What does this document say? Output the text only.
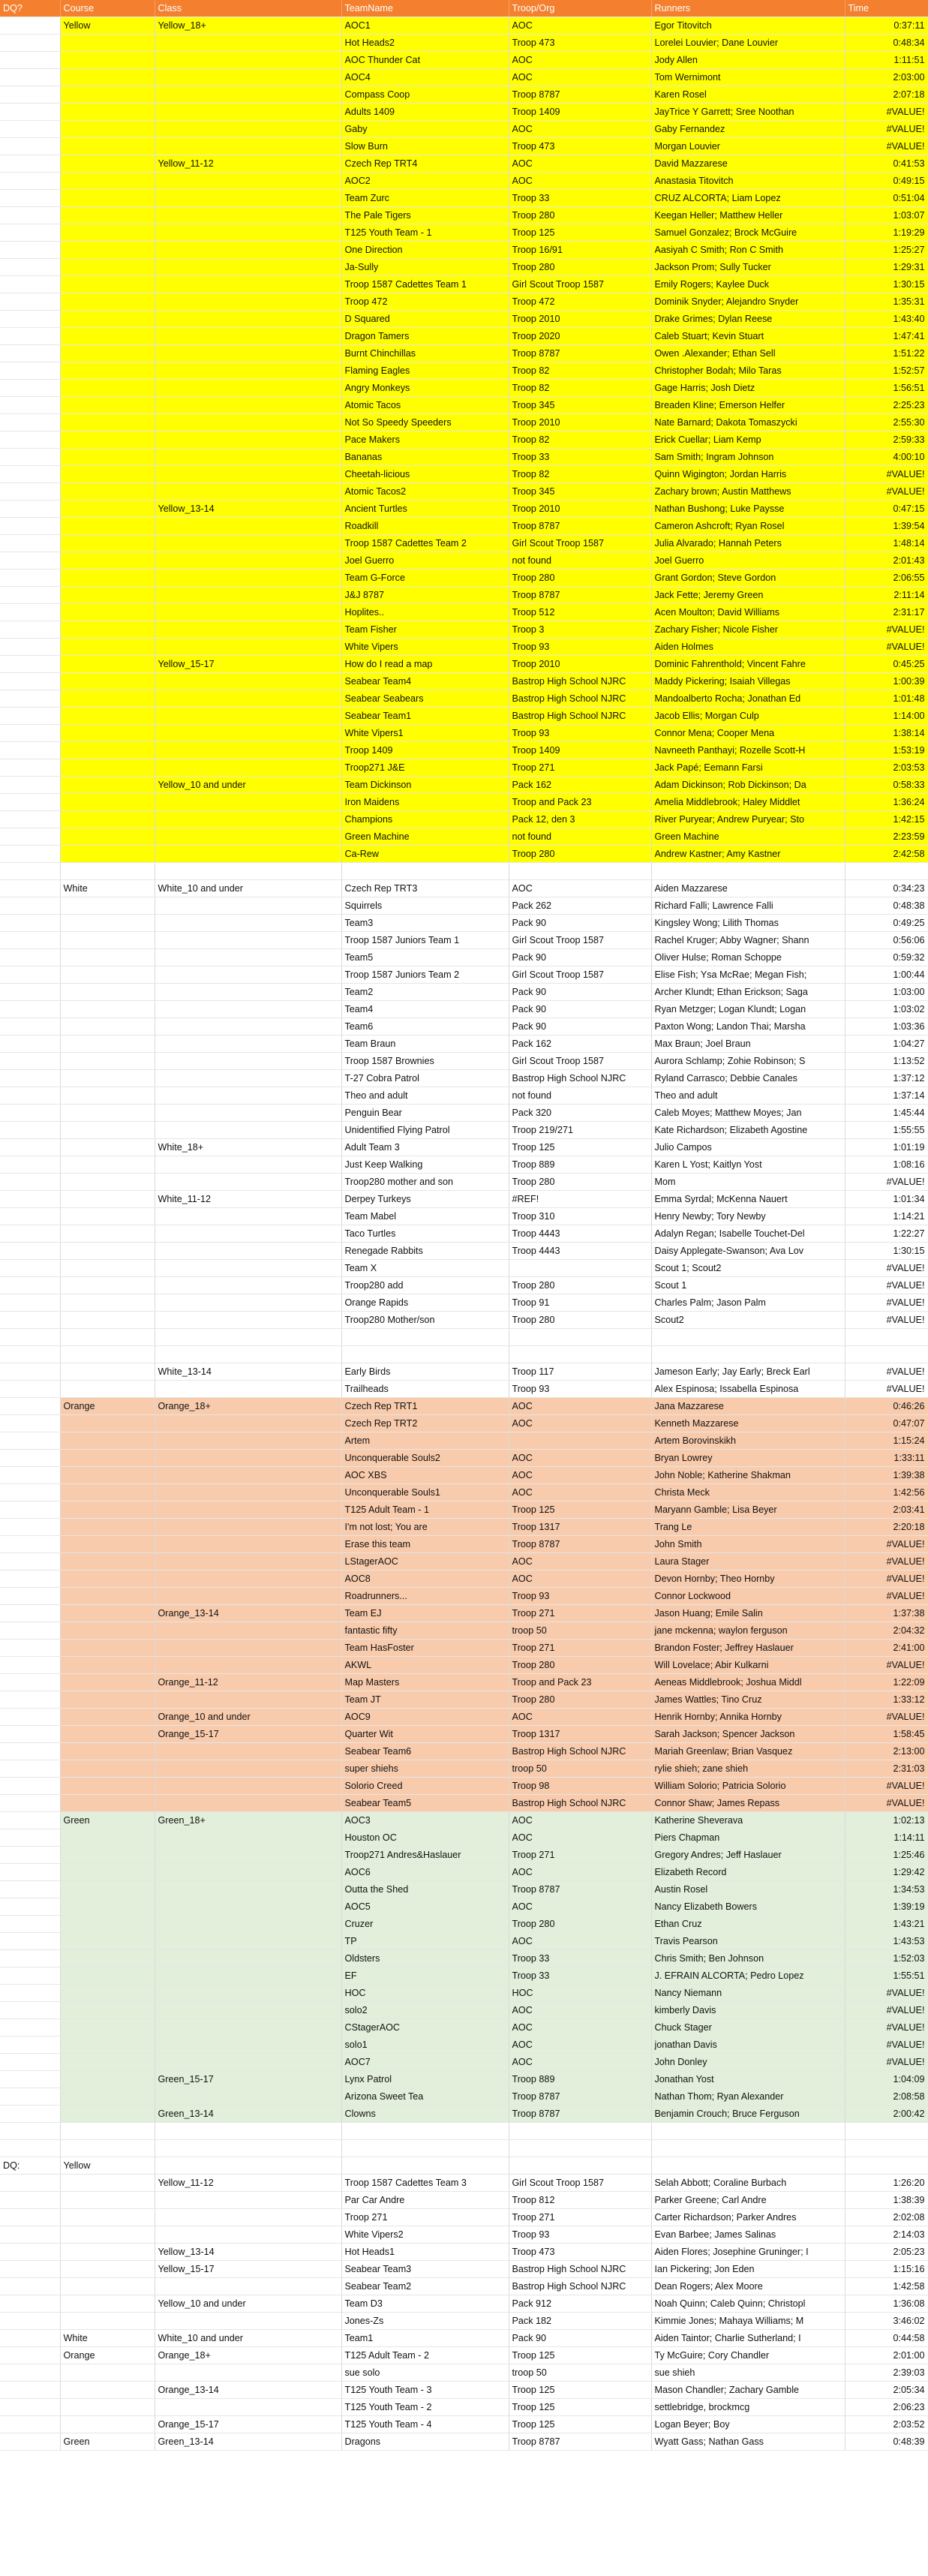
DQ?	Course	Class	TeamName	Troop/Org	Runners	Time
	Yellow	Yellow_18+	AOC1	AOC	Egor Titovitch	0:37:11
			Hot Heads2	Troop 473	Lorelei Louvier; Dane Louvier	0:48:34
			AOC Thunder Cat	AOC	Jody Allen	1:11:51
			AOC4	AOC	Tom Wernimont	2:03:00
			Compass Coop	Troop 8787	Karen Rosel	2:07:18
			Adults 1409	Troop 1409	JayTrice Y Garrett; Sree Noothan	#VALUE!
			Gaby	AOC	Gaby Fernandez	#VALUE!
			Slow Burn	Troop 473	Morgan Louvier	#VALUE!
		Yellow_11-12	Czech Rep TRT4	AOC	David Mazzarese	0:41:53
			AOC2	AOC	Anastasia Titovitch	0:49:15
			Team Zurc	Troop 33	CRUZ ALCORTA; Liam Lopez	0:51:04
			The Pale Tigers	Troop 280	Keegan Heller; Matthew Heller	1:03:07
			T125 Youth Team - 1	Troop 125	Samuel Gonzalez; Brock McGuire	1:19:29
			One Direction	Troop 16/91	Aasiyah C Smith; Ron C Smith	1:25:27
			Ja-Sully	Troop 280	Jackson Prom; Sully Tucker	1:29:31
			Troop 1587 Cadettes Team 1	Girl Scout Troop 1587	Emily Rogers; Kaylee Duck	1:30:15
			Troop 472	Troop 472	Dominik Snyder; Alejandro Snyder	1:35:31
			D Squared	Troop 2010	Drake Grimes; Dylan Reese	1:43:40
			Dragon Tamers	Troop 2020	Caleb Stuart; Kevin Stuart	1:47:41
			Burnt Chinchillas	Troop 8787	Owen .Alexander; Ethan Sell	1:51:22
			Flaming Eagles	Troop 82	Christopher Bodah; Milo Taras	1:52:57
			Angry Monkeys	Troop 82	Gage Harris; Josh Dietz	1:56:51
			Atomic Tacos	Troop 345	Breaden Kline; Emerson Helfer	2:25:23
			Not So Speedy Speeders	Troop 2010	Nate Barnard; Dakota Tomaszycki	2:55:30
			Pace Makers	Troop 82	Erick Cuellar; Liam Kemp	2:59:33
			Bananas	Troop 33	Sam Smith; Ingram Johnson	4:00:10
			Cheetah-licious	Troop 82	Quinn Wigington; Jordan Harris	#VALUE!
			Atomic Tacos2	Troop 345	Zachary brown; Austin Matthews	#VALUE!
		Yellow_13-14	Ancient Turtles	Troop 2010	Nathan Bushong; Luke Paysse	0:47:15
			Roadkill	Troop 8787	Cameron Ashcroft; Ryan Rosel	1:39:54
			Troop 1587 Cadettes Team 2	Girl Scout Troop 1587	Julia Alvarado; Hannah Peters	1:48:14
			Joel Guerro	not found	Joel Guerro	2:01:43
			Team G-Force	Troop 280	Grant Gordon; Steve Gordon	2:06:55
			J&J 8787	Troop 8787	Jack Fette; Jeremy Green	2:11:14
			Hoplites..	Troop 512	Acen Moulton; David Williams	2:31:17
			Team Fisher	Troop 3	Zachary Fisher; Nicole Fisher	#VALUE!
			White Vipers	Troop 93	Aiden Holmes	#VALUE!
		Yellow_15-17	How do I read a map	Troop 2010	Dominic Fahrenthold; Vincent Fahre	0:45:25
			Seabear Team4	Bastrop High School NJRC	Maddy Pickering; Isaiah Villegas	1:00:39
			Seabear Seabears	Bastrop High School NJRC	Mandoalberto Rocha; Jonathan Ed	1:01:48
			Seabear Team1	Bastrop High School NJRC	Jacob Ellis; Morgan Culp	1:14:00
			White Vipers1	Troop 93	Connor Mena; Cooper Mena	1:38:14
			Troop 1409	Troop 1409	Navneeth Panthayi; Rozelle Scott-H	1:53:19
			Troop271 J&E	Troop 271	Jack Papé; Eemann Farsi	2:03:53
		Yellow_10 and under	Team Dickinson	Pack 162	Adam Dickinson; Rob Dickinson; Da	0:58:33
			Iron Maidens	Troop and Pack 23	Amelia Middlebrook; Haley Middlet	1:36:24
			Champions	Pack 12, den 3	River Puryear; Andrew Puryear; Sto	1:42:15
			Green Machine	not found	Green Machine	2:23:59
			Ca-Rew	Troop 280	Andrew Kastner; Amy Kastner	2:42:58

	White	White_10 and under	Czech Rep TRT3	AOC	Aiden Mazzarese	0:34:23
			Squirrels	Pack 262	Richard Falli; Lawrence Falli	0:48:38
			Team3	Pack 90	Kingsley Wong; Lilith Thomas	0:49:25
			Troop 1587 Juniors Team 1	Girl Scout Troop 1587	Rachel Kruger; Abby Wagner; Shann	0:56:06
			Team5	Pack 90	Oliver Hulse; Roman Schoppe	0:59:32
			Troop 1587 Juniors Team 2	Girl Scout Troop 1587	Elise Fish; Ysa McRae; Megan Fish;	1:00:44
			Team2	Pack 90	Archer Klundt; Ethan Erickson; Saga	1:03:00
			Team4	Pack 90	Ryan Metzger; Logan Klundt; Logan	1:03:02
			Team6	Pack 90	Paxton Wong; Landon Thai; Marsha	1:03:36
			Team Braun	Pack 162	Max Braun; Joel Braun	1:04:27
			Troop 1587 Brownies	Girl Scout Troop 1587	Aurora Schlamp; Zohie Robinson; S	1:13:52
			T-27 Cobra Patrol	Bastrop High School NJRC	Ryland Carrasco; Debbie Canales	1:37:12
			Theo and adult	not found	Theo and adult	1:37:14
			Penguin Bear	Pack 320	Caleb Moyes; Matthew Moyes; Jan	1:45:44
			Unidentified Flying Patrol	Troop 219/271	Kate Richardson; Elizabeth Agostine	1:55:55
		White_18+	Adult Team 3	Troop 125	Julio Campos	1:01:19
			Just Keep Walking	Troop 889	Karen L Yost; Kaitlyn Yost	1:08:16
			Troop280 mother and son	Troop 280	Mom	#VALUE!
		White_11-12	Derpey Turkeys	#REF!	Emma Syrdal; McKenna Nauert	1:01:34
			Team Mabel	Troop 310	Henry Newby; Tory Newby	1:14:21
			Taco Turtles	Troop 4443	Adalyn Regan; Isabelle Touchet-Del	1:22:27
			Renegade Rabbits	Troop 4443	Daisy Applegate-Swanson; Ava Lov	1:30:15
			Team X		Scout 1; Scout2	#VALUE!
			Troop280 add	Troop 280	Scout 1	#VALUE!
			Orange Rapids	Troop 91	Charles Palm; Jason Palm	#VALUE!
			Troop280 Mother/son	Troop 280	Scout2	#VALUE!

		White_13-14	Early Birds	Troop 117	Jameson Early; Jay Early; Breck Earl	#VALUE!
			Trailheads	Troop 93	Alex Espinosa; Issabella Espinosa	#VALUE!
	Orange	Orange_18+	Czech Rep TRT1	AOC	Jana Mazzarese	0:46:26
			Czech Rep TRT2	AOC	Kenneth Mazzarese	0:47:07
			Artem		Artem Borovinskikh	1:15:24
			Unconquerable Souls2	AOC	Bryan Lowrey	1:33:11
			AOC XBS	AOC	John Noble; Katherine Shakman	1:39:38
			Unconquerable Souls1	AOC	Christa Meck	1:42:56
			T125 Adult Team - 1	Troop 125	Maryann Gamble; Lisa Beyer	2:03:41
			I'm not lost; You are	Troop 1317	Trang Le	2:20:18
			Erase this team	Troop 8787	John Smith	#VALUE!
			LStagerAOC	AOC	Laura Stager	#VALUE!
			AOC8	AOC	Devon Hornby; Theo Hornby	#VALUE!
			Roadrunners...	Troop 93	Connor Lockwood	#VALUE!
		Orange_13-14	Team EJ	Troop 271	Jason Huang; Emile Salin	1:37:38
			fantastic fifty	troop 50	jane mckenna; waylon ferguson	2:04:32
			Team HasFoster	Troop 271	Brandon Foster; Jeffrey Haslauer	2:41:00
			AKWL	Troop 280	Will Lovelace; Abir Kulkarni	#VALUE!
		Orange_11-12	Map Masters	Troop and Pack 23	Aeneas Middlebrook; Joshua Middl	1:22:09
			Team JT	Troop 280	James Wattles; Tino Cruz	1:33:12
		Orange_10 and under	AOC9	AOC	Henrik Hornby; Annika Hornby	#VALUE!
		Orange_15-17	Quarter Wit	Troop 1317	Sarah Jackson; Spencer Jackson	1:58:45
			Seabear Team6	Bastrop High School NJRC	Mariah Greenlaw; Brian Vasquez	2:13:00
			super shiehs	troop 50	rylie shieh; zane shieh	2:31:03
			Solorio Creed	Troop 98	William Solorio; Patricia Solorio	#VALUE!
			Seabear Team5	Bastrop High School NJRC	Connor Shaw; James Repass	#VALUE!
	Green	Green_18+	AOC3	AOC	Katherine Sheverava	1:02:13
			Houston OC	AOC	Piers Chapman	1:14:11
			Troop271 Andres&Haslauer	Troop 271	Gregory Andres; Jeff Haslauer	1:25:46
			AOC6	AOC	Elizabeth Record	1:29:42
			Outta the Shed	Troop 8787	Austin Rosel	1:34:53
			AOC5	AOC	Nancy Elizabeth Bowers	1:39:19
			Cruzer	Troop 280	Ethan Cruz	1:43:21
			TP	AOC	Travis Pearson	1:43:53
			Oldsters	Troop 33	Chris Smith; Ben Johnson	1:52:03
			EF	Troop 33	J. EFRAIN ALCORTA; Pedro Lopez	1:55:51
			HOC	HOC	Nancy Niemann	#VALUE!
			solo2	AOC	kimberly Davis	#VALUE!
			CStagerAOC	AOC	Chuck Stager	#VALUE!
			solo1	AOC	jonathan Davis	#VALUE!
			AOC7	AOC	John Donley	#VALUE!
		Green_15-17	Lynx Patrol	Troop 889	Jonathan Yost	1:04:09
			Arizona Sweet Tea	Troop 8787	Nathan Thom; Ryan Alexander	2:08:58
		Green_13-14	Clowns	Troop 8787	Benjamin Crouch; Bruce Ferguson	2:00:42

DQ:	Yellow					
		Yellow_11-12	Troop 1587 Cadettes Team 3	Girl Scout Troop 1587	Selah Abbott; Coraline Burbach	1:26:20
			Par Car Andre	Troop 812	Parker Greene; Carl Andre	1:38:39
			Troop 271	Troop 271	Carter Richardson; Parker Andres	2:02:08
			White Vipers2	Troop 93	Evan Barbee; James Salinas	2:14:03
		Yellow_13-14	Hot Heads1	Troop 473	Aiden Flores; Josephine Gruninger; I	2:05:23
		Yellow_15-17	Seabear Team3	Bastrop High School NJRC	Ian Pickering; Jon Eden	1:15:16
			Seabear Team2	Bastrop High School NJRC	Dean Rogers; Alex Moore	1:42:58
		Yellow_10 and under	Team D3	Pack 912	Noah Quinn; Caleb Quinn; Christopl	1:36:08
			Jones-Zs	Pack 182	Kimmie Jones; Mahaya Williams; M	3:46:02
	White	White_10 and under	Team1	Pack 90	Aiden Taintor; Charlie Sutherland; I	0:44:58
	Orange	Orange_18+	T125 Adult Team - 2	Troop 125	Ty McGuire; Cory Chandler	2:01:00
			sue solo	troop 50	sue shieh	2:39:03
		Orange_13-14	T125 Youth Team - 3	Troop 125	Mason Chandler; Zachary Gamble	2:05:34
			T125 Youth Team - 2	Troop 125	settlebridge, brockmcg	2:06:23
		Orange_15-17	T125 Youth Team - 4	Troop 125	Logan Beyer; Boy	2:03:52
	Green	Green_13-14	Dragons	Troop 8787	Wyatt Gass; Nathan Gass	0:48:39
